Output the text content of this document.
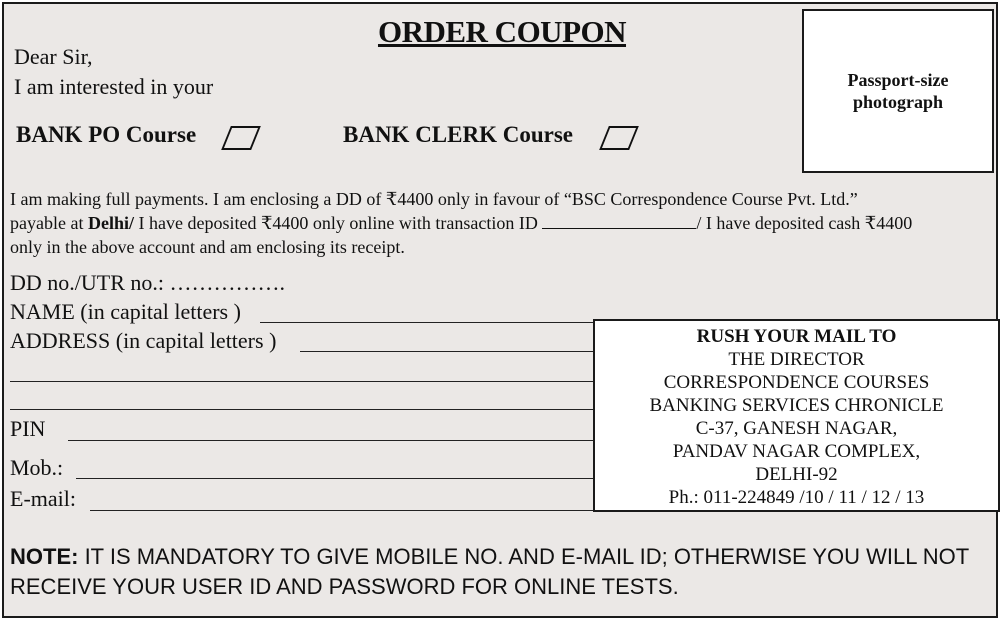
ORDER COUPON
Dear Sir,
I am interested in your
BANK PO Course	BANK CLERK Course
Passport-size photograph
I am making full payments. I am enclosing a DD of ₹4400 only in favour of “BSC Correspondence Course Pvt. Ltd.”
payable at Delhi/ I have deposited ₹4400 only online with transaction ID	/ I have deposited cash ₹4400
only in the above account and am enclosing its receipt.
DD no./UTR no.: …………….
NAME (in capital letters )
ADDRESS (in capital letters )
PIN
Mob.:
E-mail:
RUSH YOUR MAIL TO
THE DIRECTOR
CORRESPONDENCE COURSES
BANKING SERVICES CHRONICLE
C-37, GANESH NAGAR,
PANDAV NAGAR COMPLEX,
DELHI-92
Ph.: 011-224849 /10 / 11 / 12 / 13
NOTE: IT IS MANDATORY TO GIVE MOBILE NO. AND E-MAIL ID; OTHERWISE YOU WILL NOT RECEIVE YOUR USER ID AND PASSWORD FOR ONLINE TESTS.
